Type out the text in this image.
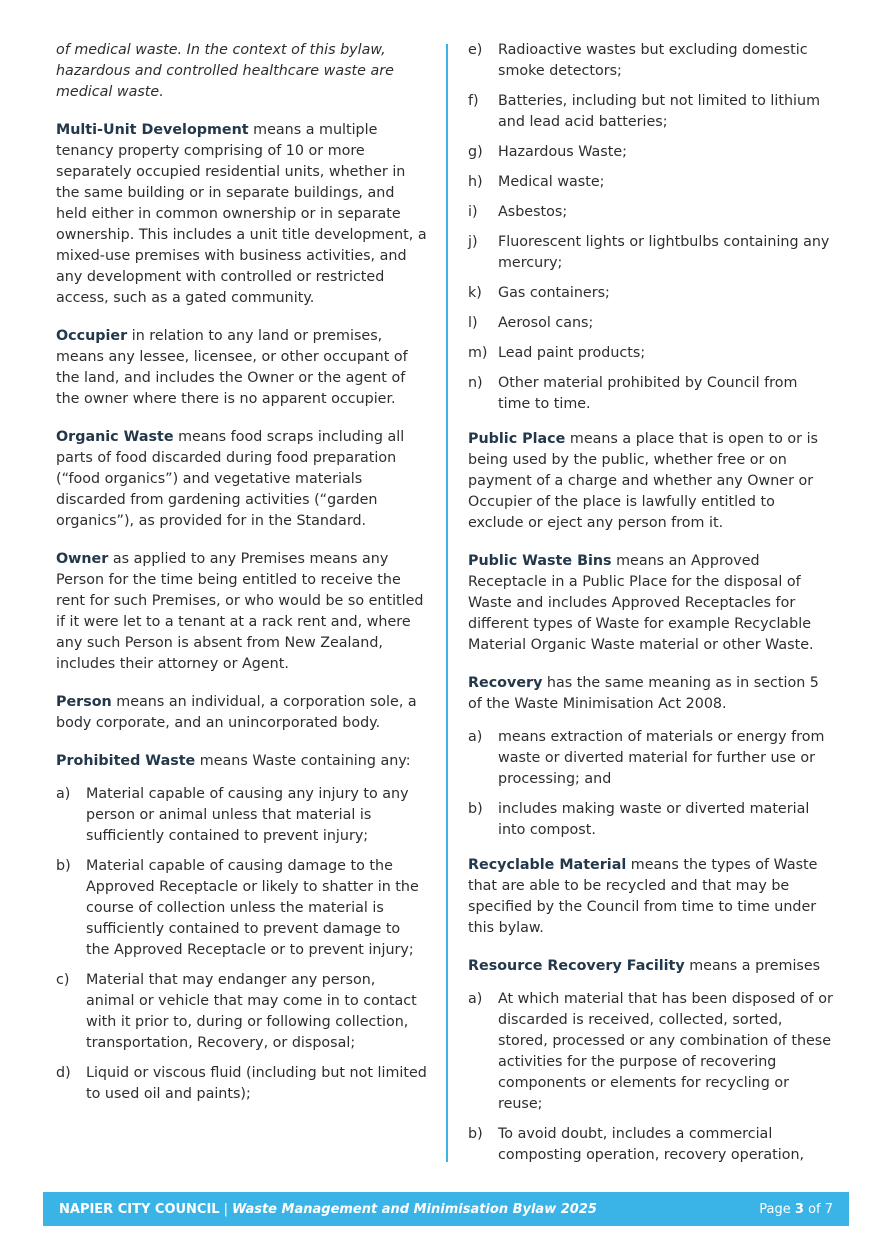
of medical waste. In the context of this bylaw, hazardous and controlled healthcare waste are medical waste.

Multi-Unit Development means a multiple tenancy property comprising of 10 or more separately occupied residential units, whether in the same building or in separate buildings, and held either in common ownership or in separate ownership. This includes a unit title development, a mixed-use premises with business activities, and any development with controlled or restricted access, such as a gated community.

Occupier in relation to any land or premises, means any lessee, licensee, or other occupant of the land, and includes the Owner or the agent of the owner where there is no apparent occupier.

Organic Waste means food scraps including all parts of food discarded during food preparation (“food organics”) and vegetative materials discarded from gardening activities (“garden organics”), as provided for in the Standard.

Owner as applied to any Premises means any Person for the time being entitled to receive the rent for such Premises, or who would be so entitled if it were let to a tenant at a rack rent and, where any such Person is absent from New Zealand, includes their attorney or Agent.

Person means an individual, a corporation sole, a body corporate, and an unincorporated body.

Prohibited Waste means Waste containing any:

a) Material capable of causing any injury to any person or animal unless that material is sufficiently contained to prevent injury;
b) Material capable of causing damage to the Approved Receptacle or likely to shatter in the course of collection unless the material is sufficiently contained to prevent damage to the Approved Receptacle or to prevent injury;
c) Material that may endanger any person, animal or vehicle that may come in to contact with it prior to, during or following collection, transportation, Recovery, or disposal;
d) Liquid or viscous fluid (including but not limited to used oil and paints);
e) Radioactive wastes but excluding domestic smoke detectors;
f) Batteries, including but not limited to lithium and lead acid batteries;
g) Hazardous Waste;
h) Medical waste;
i) Asbestos;
j) Fluorescent lights or lightbulbs containing any mercury;
k) Gas containers;
l) Aerosol cans;
m) Lead paint products;
n) Other material prohibited by Council from time to time.

Public Place means a place that is open to or is being used by the public, whether free or on payment of a charge and whether any Owner or Occupier of the place is lawfully entitled to exclude or eject any person from it.

Public Waste Bins means an Approved Receptacle in a Public Place for the disposal of Waste and includes Approved Receptacles for different types of Waste for example Recyclable Material Organic Waste material or other Waste.

Recovery has the same meaning as in section 5 of the Waste Minimisation Act 2008.

a) means extraction of materials or energy from waste or diverted material for further use or processing; and
b) includes making waste or diverted material into compost.

Recyclable Material means the types of Waste that are able to be recycled and that may be specified by the Council from time to time under this bylaw.

Resource Recovery Facility means a premises

a) At which material that has been disposed of or discarded is received, collected, sorted, stored, processed or any combination of these activities for the purpose of recovering components or elements for recycling or reuse;
b) To avoid doubt, includes a commercial composting operation, recovery operation,
NAPIER CITY COUNCIL | Waste Management and Minimisation Bylaw 2025	Page 3 of 7
